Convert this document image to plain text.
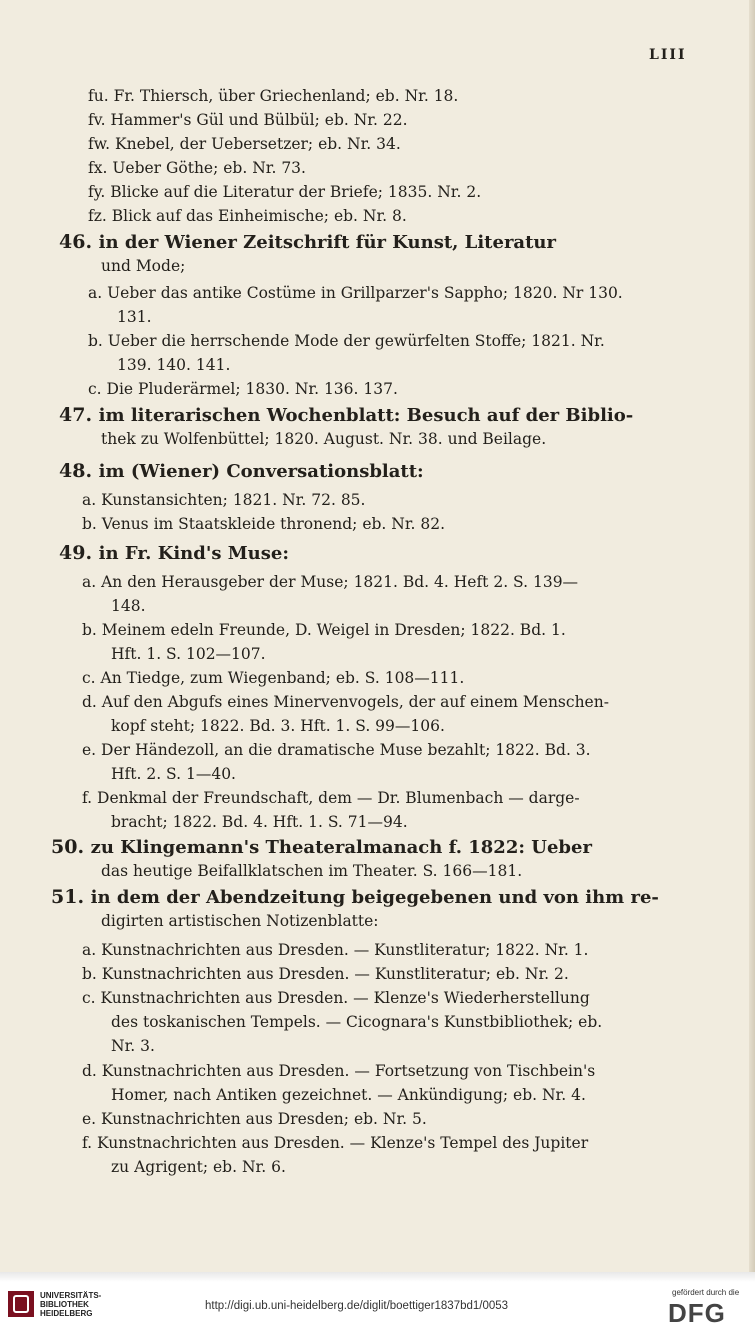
LIII
fu. Fr. Thiersch, über Griechenland; eb. Nr. 18.
fv. Hammer's Gül und Bülbül; eb. Nr. 22.
fw. Knebel, der Uebersetzer; eb. Nr. 34.
fx. Ueber Göthe; eb. Nr. 73.
fy. Blicke auf die Literatur der Briefe; 1835. Nr. 2.
fz. Blick auf das Einheimische; eb. Nr. 8.
46. in der Wiener Zeitschrift für Kunst, Literatur
und Mode;
a. Ueber das antike Costüme in Grillparzer's Sappho; 1820. Nr 130.
131.
b. Ueber die herrschende Mode der gewürfelten Stoffe; 1821. Nr.
139. 140. 141.
c. Die Pluderärmel; 1830. Nr. 136. 137.
47. im literarischen Wochenblatt: Besuch auf der Biblio-
thek zu Wolfenbüttel; 1820. August. Nr. 38. und Beilage.
48. im (Wiener) Conversationsblatt:
a. Kunstansichten; 1821. Nr. 72. 85.
b. Venus im Staatskleide thronend; eb. Nr. 82.
49. in Fr. Kind's Muse:
a. An den Herausgeber der Muse; 1821. Bd. 4. Heft 2. S. 139—
148.
b. Meinem edeln Freunde, D. Weigel in Dresden; 1822. Bd. 1.
Hft. 1. S. 102—107.
c. An Tiedge, zum Wiegenband; eb. S. 108—111.
d. Auf den Abgufs eines Minervenvogels, der auf einem Menschen-
kopf steht; 1822. Bd. 3. Hft. 1. S. 99—106.
e. Der Händezoll, an die dramatische Muse bezahlt; 1822. Bd. 3.
Hft. 2. S. 1—40.
f. Denkmal der Freundschaft, dem — Dr. Blumenbach — darge-
bracht; 1822. Bd. 4. Hft. 1. S. 71—94.
50. zu Klingemann's Theateralmanach f. 1822: Ueber
das heutige Beifallklatschen im Theater. S. 166—181.
51. in dem der Abendzeitung beigegebenen und von ihm re-
digirten artistischen Notizenblatte:
a. Kunstnachrichten aus Dresden. — Kunstliteratur; 1822. Nr. 1.
b. Kunstnachrichten aus Dresden. — Kunstliteratur; eb. Nr. 2.
c. Kunstnachrichten aus Dresden. — Klenze's Wiederherstellung
des toskanischen Tempels. — Cicognara's Kunstbibliothek; eb.
Nr. 3.
d. Kunstnachrichten aus Dresden. — Fortsetzung von Tischbein's
Homer, nach Antiken gezeichnet. — Ankündigung; eb. Nr. 4.
e. Kunstnachrichten aus Dresden; eb. Nr. 5.
f. Kunstnachrichten aus Dresden. — Klenze's Tempel des Jupiter
zu Agrigent; eb. Nr. 6.
UNIVERSITÄTS-
BIBLIOTHEK
HEIDELBERG
http://digi.ub.uni-heidelberg.de/diglit/boettiger1837bd1/0053
gefördert durch die
DFG
